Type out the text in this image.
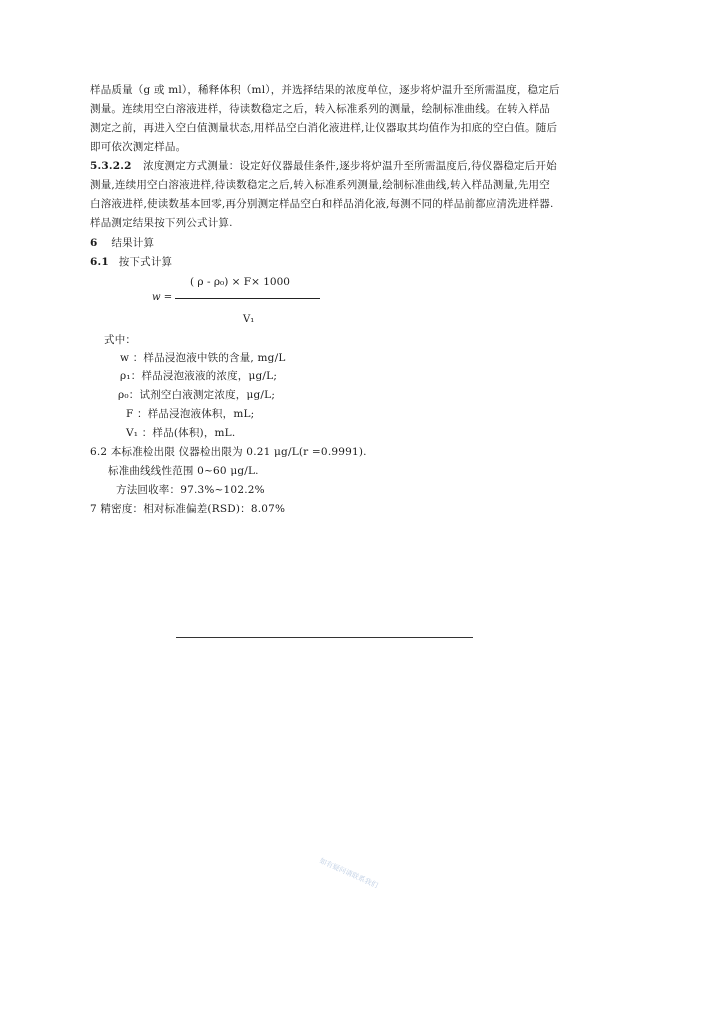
样品质量（g 或 ml），稀释体积（ml），并选择结果的浓度单位，逐步将炉温升至所需温度，稳定后
测量。连续用空白溶液进样，待读数稳定之后，转入标准系列的测量，绘制标准曲线。在转入样品
测定之前，再进入空白值测量状态,用样品空白消化液进样,让仪器取其均值作为扣底的空白值。随后
即可依次测定样品。
5.3.2.2 浓度测定方式测量：设定好仪器最佳条件,逐步将炉温升至所需温度后,待仪器稳定后开始
测量,连续用空白溶液进样,待读数稳定之后,转入标准系列测量,绘制标准曲线,转入样品测量,先用空
白溶液进样,使读数基本回零,再分别测定样品空白和样品消化液,每测不同的样品前都应清洗进样器.
样品测定结果按下列公式计算.
6 结果计算
6.1 按下式计算
( ρ - ρ₀) × F× 1000
w =
V₁
式中：
w ：样品浸泡液中铁的含量, mg/L
ρ₁：样品浸泡液液的浓度，μg/L;
ρ₀：试剂空白液测定浓度，μg/L;
F ：样品浸泡液体积，mL;
V₁ ：样品(体积)，mL.
6.2 本标准检出限 仪器检出限为 0.21 μg/L(r =0.9991).
标准曲线线性范围 0~60 μg/L.
方法回收率：97.3%~102.2%
7 精密度：相对标准偏差(RSD)：8.07%
如有疑问请联系我们
